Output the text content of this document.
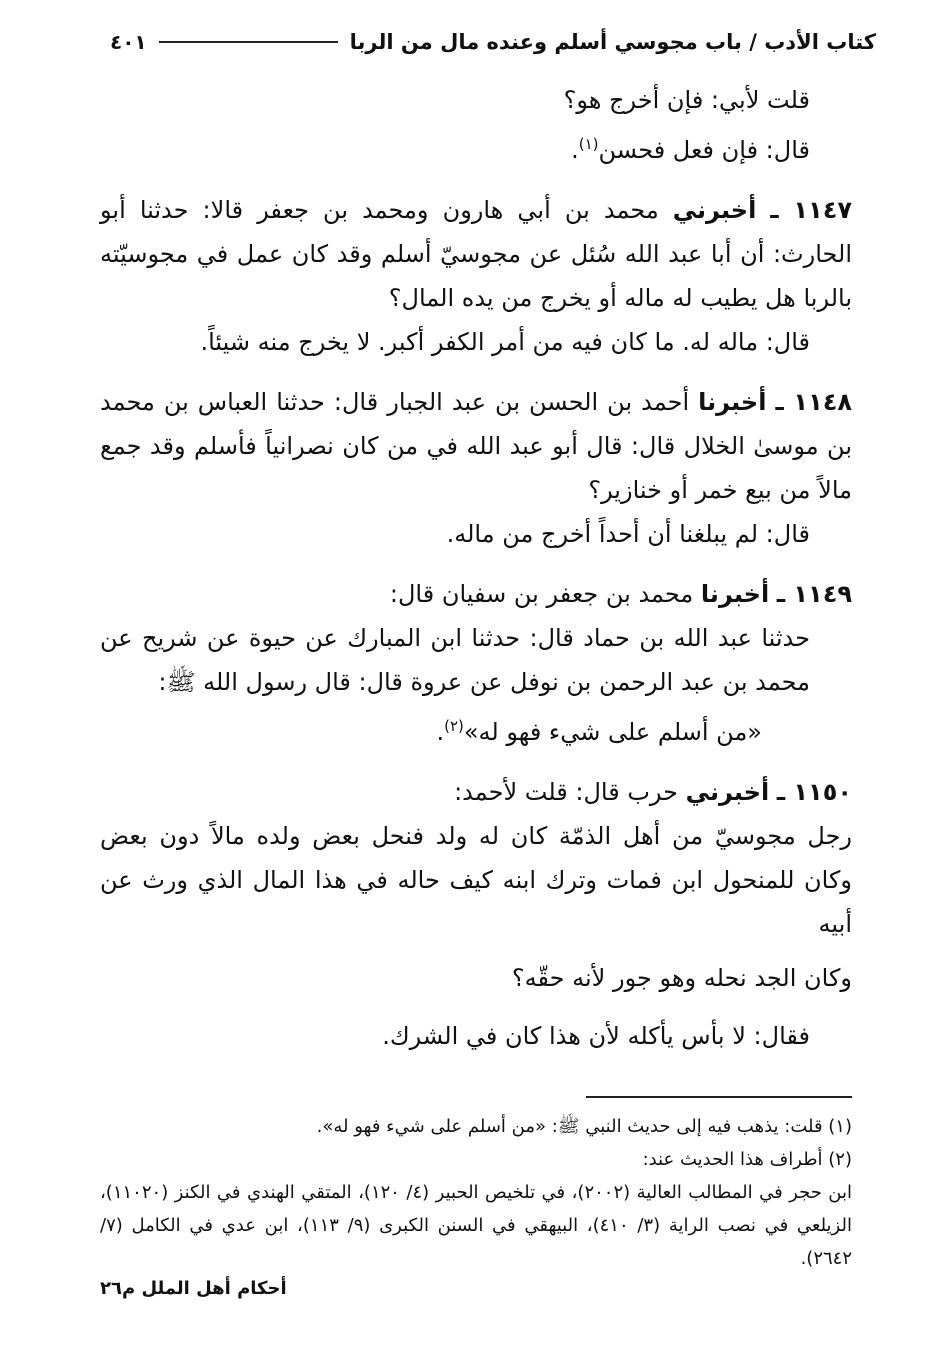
كتاب الأدب / باب مجوسي أسلم وعنده مال من الربا
٤٠١

قلت لأبي: فإن أخرج هو؟

قال: فإن فعل فحسن$^{(١)}$.

١١٤٧ ـ أخبرني محمد بن أبي هارون ومحمد بن جعفر قالا: حدثنا أبو الحارث: أن أبا عبد الله سُئل عن مجوسيّ أسلم وقد كان عمل في مجوسيّته بالربا هل يطيب له ماله أو يخرج من يده المال؟

قال: ماله له. ما كان فيه من أمر الكفر أكبر. لا يخرج منه شيئاً.

١١٤٨ ـ أخبرنا أحمد بن الحسن بن عبد الجبار قال: حدثنا العباس بن محمد بن موسىٰ الخلال قال: قال أبو عبد الله في من كان نصرانياً فأسلم وقد جمع مالاً من بيع خمر أو خنازير؟

قال: لم يبلغنا أن أحداً أخرج من ماله.

١١٤٩ ـ أخبرنا محمد بن جعفر بن سفيان قال:

حدثنا عبد الله بن حماد قال: حدثنا ابن المبارك عن حيوة عن شريح عن محمد بن عبد الرحمن بن نوفل عن عروة قال: قال رسول الله ﷺ:

«من أسلم على شيء فهو له»$^{(٢)}$.

١١٥٠ ـ أخبرني حرب قال: قلت لأحمد:

رجل مجوسيّ من أهل الذمّة كان له ولد فنحل بعض ولده مالاً دون بعض وكان للمنحول ابن فمات وترك ابنه كيف حاله في هذا المال الذي ورث عن أبيه

وكان الجد نحله وهو جور لأنه حقّه؟

فقال: لا بأس يأكله لأن هذا كان في الشرك.

(١) قلت: يذهب فيه إلى حديث النبي ﷺ: «من أسلم على شيء فهو له».

(٢) أطراف هذا الحديث عند:

ابن حجر في المطالب العالية (٢٠٠٢)، في تلخيص الحبير (٤/ ١٢٠)، المتقي الهندي في الكنز (١١٠٢٠)، الزيلعي في نصب الراية (٣/ ٤١٠)، البيهقي في السنن الكبرى (٩/ ١١٣)، ابن عدي في الكامل (٧/ ٢٦٤٢).

أحكام أهل الملل م٢٦
